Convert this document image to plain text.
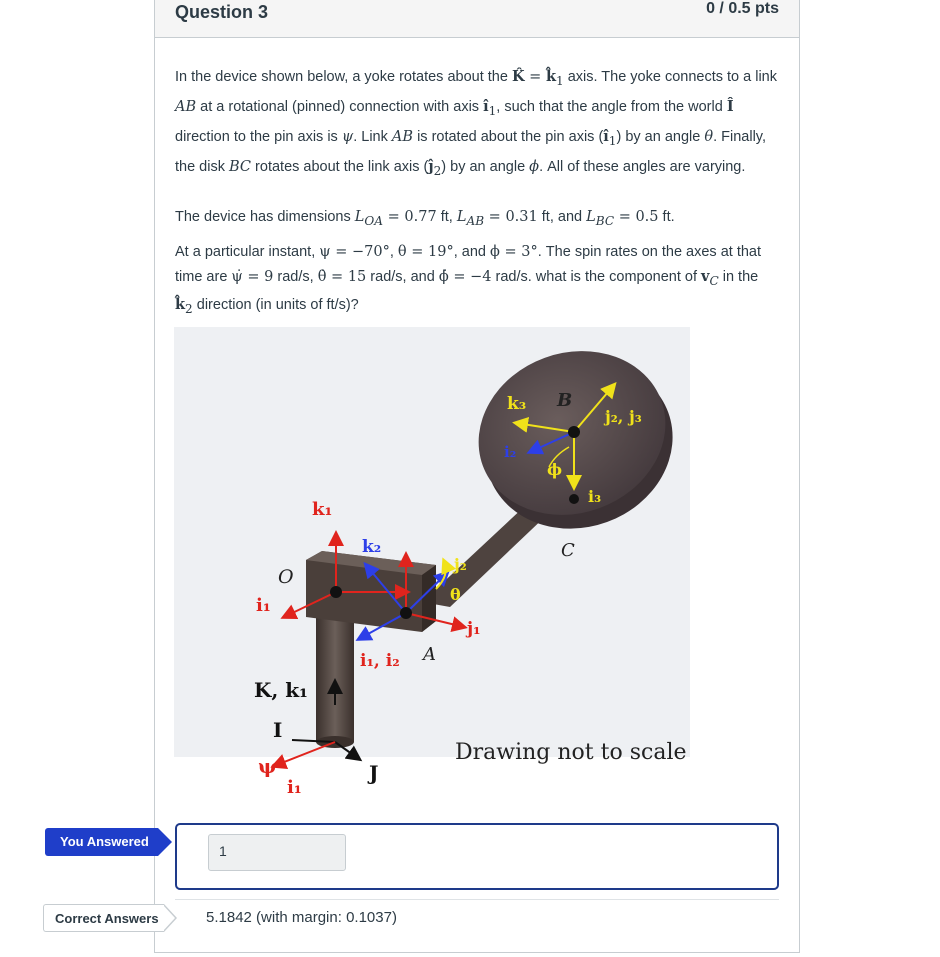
Question 3	0 / 0.5 pts
In the device shown below, a yoke rotates about the K̂ = $k̂_1$ axis. The yoke connects to a link AB at a rotational (pinned) connection with axis $î_1$, such that the angle from the world Î direction to the pin axis is ψ. Link AB is rotated about the pin axis $(î_1)$ by an angle θ. Finally, the disk BC rotates about the link axis $(ĵ_2)$ by an angle ϕ. All of these angles are varying.
The device has dimensions $L_{OA} = 0.77$ ft, $L_{AB} = 0.31$ ft, and $L_{BC} = 0.5$ ft.
At a particular instant, ψ = −70°, θ = 19°, and ϕ = 3°. The spin rates on the axes at that time are ψ̇ = 9 rad/s, θ̇ = 15 rad/s, and ϕ̇ = −4 rad/s. what is the component of $v_C$ in the $k̂_2$ direction (in units of ft/s)?
k₃ B
j₂, j₃
i₂
ϕ
i₃
C
k₁
k₂
O
j₂
θ
i₁
j₁
i₁, i₂ A
K, k₁
I
ψ
i₁
J
Drawing not to scale
You Answered
1
Correct Answers	5.1842 (with margin: 0.1037)
